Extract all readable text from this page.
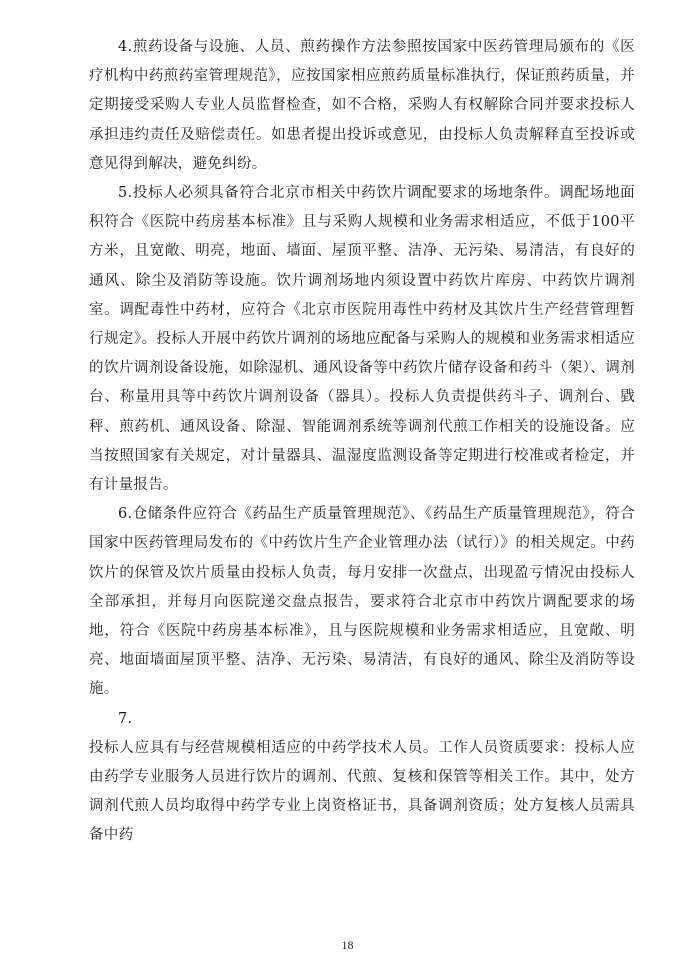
4.煎药设备与设施、人员、煎药操作方法参照按国家中医药管理局颁布的《医疗机构中药煎药室管理规范》，应按国家相应煎药质量标准执行，保证煎药质量，并定期接受采购人专业人员监督检查，如不合格，采购人有权解除合同并要求投标人承担违约责任及赔偿责任。如患者提出投诉或意见，由投标人负责解释直至投诉或意见得到解决，避免纠纷。

5.投标人必须具备符合北京市相关中药饮片调配要求的场地条件。调配场地面积符合《医院中药房基本标准》且与采购人规模和业务需求相适应，不低于100平方米，且宽敞、明亮，地面、墙面、屋顶平整、洁净、无污染、易清洁，有良好的通风、除尘及消防等设施。饮片调剂场地内须设置中药饮片库房、中药饮片调剂室。调配毒性中药材，应符合《北京市医院用毒性中药材及其饮片生产经营管理暂行规定》。投标人开展中药饮片调剂的场地应配备与采购人的规模和业务需求相适应的饮片调剂设备设施，如除湿机、通风设备等中药饮片储存设备和药斗（架）、调剂台、称量用具等中药饮片调剂设备（器具）。投标人负责提供药斗子、调剂台、戥秤、煎药机、通风设备、除湿、智能调剂系统等调剂代煎工作相关的设施设备。应当按照国家有关规定，对计量器具、温湿度监测设备等定期进行校准或者检定，并有计量报告。

6.仓储条件应符合《药品生产质量管理规范》、《药品生产质量管理规范》，符合国家中医药管理局发布的《中药饮片生产企业管理办法（试行）》的相关规定。中药饮片的保管及饮片质量由投标人负责，每月安排一次盘点，出现盈亏情况由投标人全部承担，并每月向医院递交盘点报告，要求符合北京市中药饮片调配要求的场地，符合《医院中药房基本标准》，且与医院规模和业务需求相适应，且宽敞、明亮、地面墙面屋顶平整、洁净、无污染、易清洁，有良好的通风、除尘及消防等设施。

7.

投标人应具有与经营规模相适应的中药学技术人员。工作人员资质要求：投标人应由药学专业服务人员进行饮片的调剂、代煎、复核和保管等相关工作。其中，处方调剂代煎人员均取得中药学专业上岗资格证书，具备调剂资质；处方复核人员需具备中药

18
